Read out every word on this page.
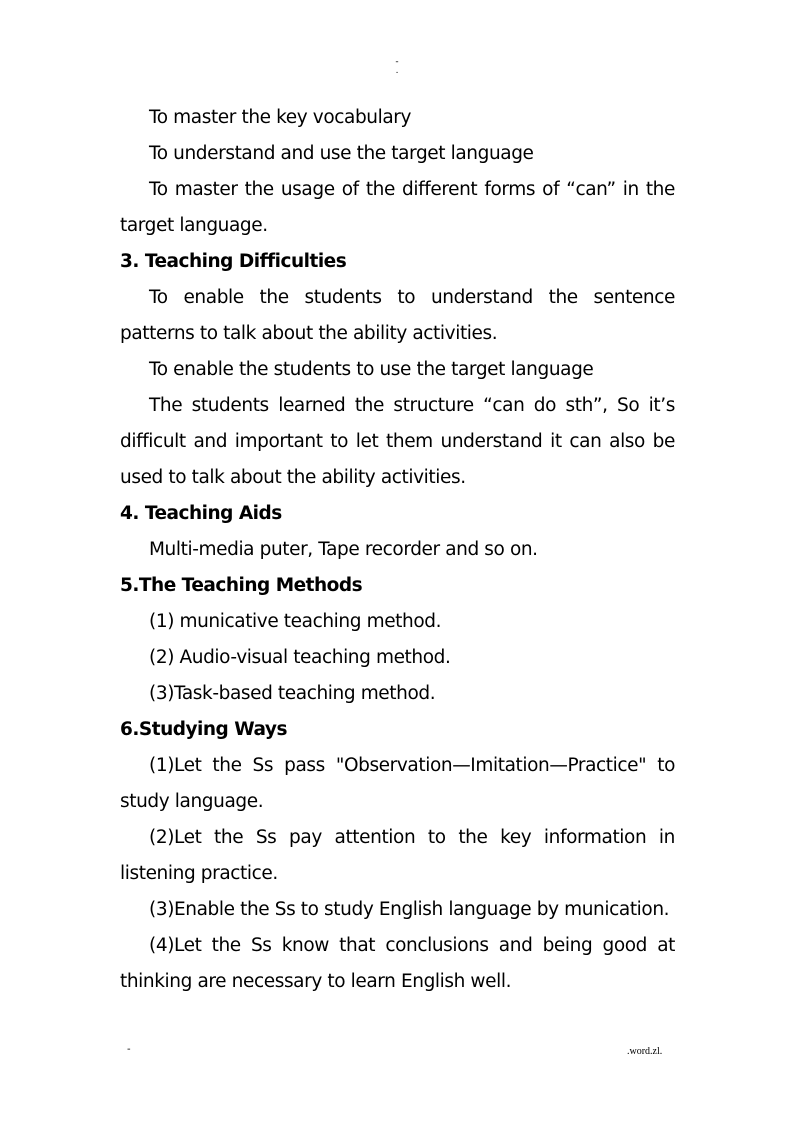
-
.
To master the key vocabulary
To understand and use the target language
To master the usage of the different forms of “can” in the
target language.
3. Teaching Difficulties
To enable the students to understand the sentence
patterns to talk about the ability activities.
To enable the students to use the target language
The students learned the structure “can do sth”, So it’s
difficult and important to let them understand it can also be
used to talk about the ability activities.
4. Teaching Aids
Multi-media puter, Tape recorder and so on.
5.The Teaching Methods
(1) municative teaching method.
(2) Audio-visual teaching method.
(3)Task-based teaching method.
6.Studying Ways
(1)Let the Ss pass "Observation—Imitation—Practice" to
study language.
(2)Let the Ss pay attention to the key information in
listening practice.
(3)Enable the Ss to study English language by munication.
(4)Let the Ss know that conclusions and being good at
thinking are necessary to learn English well.
-	.word.zl.
